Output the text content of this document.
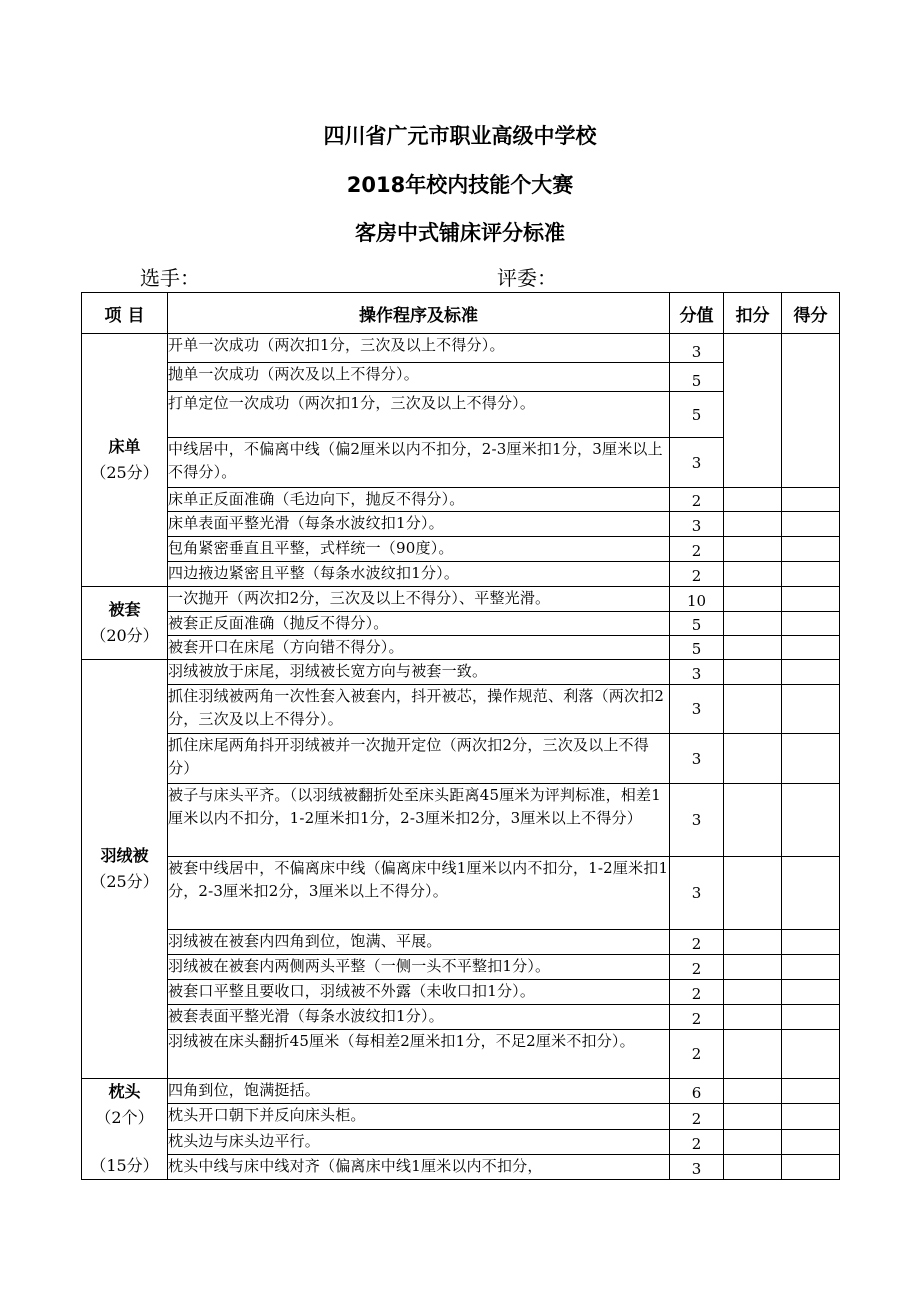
四川省广元市职业高级中学校
2018年校内技能个大赛
客房中式铺床评分标准
选手：	评委：
项 目	操作程序及标准	分值	扣分	得分

床单
（25分）	开单一次成功（两次扣1分，三次及以上不得分）。	3		
	抛单一次成功（两次及以上不得分）。	5		
	打单定位一次成功（两次扣1分，三次及以上不得分）。	5		
	中线居中，不偏离中线（偏2厘米以内不扣分，2-3厘米扣1分，3厘米以上不得分）。	3		
	床单正反面准确（毛边向下，抛反不得分）。	2		
	床单表面平整光滑（每条水波纹扣1分）。	3		
	包角紧密垂直且平整，式样统一（90度）。	2		
	四边掖边紧密且平整（每条水波纹扣1分）。	2		

被套
（20分）	一次抛开（两次扣2分，三次及以上不得分）、平整光滑。	10		
	被套正反面准确（抛反不得分）。	5		
	被套开口在床尾（方向错不得分）。	5		

羽绒被
（25分）	羽绒被放于床尾，羽绒被长宽方向与被套一致。	3		
	抓住羽绒被两角一次性套入被套内，抖开被芯，操作规范、利落（两次扣2分，三次及以上不得分）。	3		
	抓住床尾两角抖开羽绒被并一次抛开定位（两次扣2分，三次及以上不得分）	3		
	被子与床头平齐。（以羽绒被翻折处至床头距离45厘米为评判标准，相差1厘米以内不扣分，1-2厘米扣1分，2-3厘米扣2分，3厘米以上不得分）	3		
	被套中线居中，不偏离床中线（偏离床中线1厘米以内不扣分，1-2厘米扣1分，2-3厘米扣2分，3厘米以上不得分）。	3		
	羽绒被在被套内四角到位，饱满、平展。	2		
	羽绒被在被套内两侧两头平整（一侧一头不平整扣1分）。	2		
	被套口平整且要收口，羽绒被不外露（未收口扣1分）。	2		
	被套表面平整光滑（每条水波纹扣1分）。	2		
	羽绒被在床头翻折45厘米（每相差2厘米扣1分，不足2厘米不扣分）。	2		

枕头
（2个）
（15分）	四角到位，饱满挺括。	6		
	枕头开口朝下并反向床头柜。	2		
	枕头边与床头边平行。	2		
	枕头中线与床中线对齐（偏离床中线1厘米以内不扣分，	3		
